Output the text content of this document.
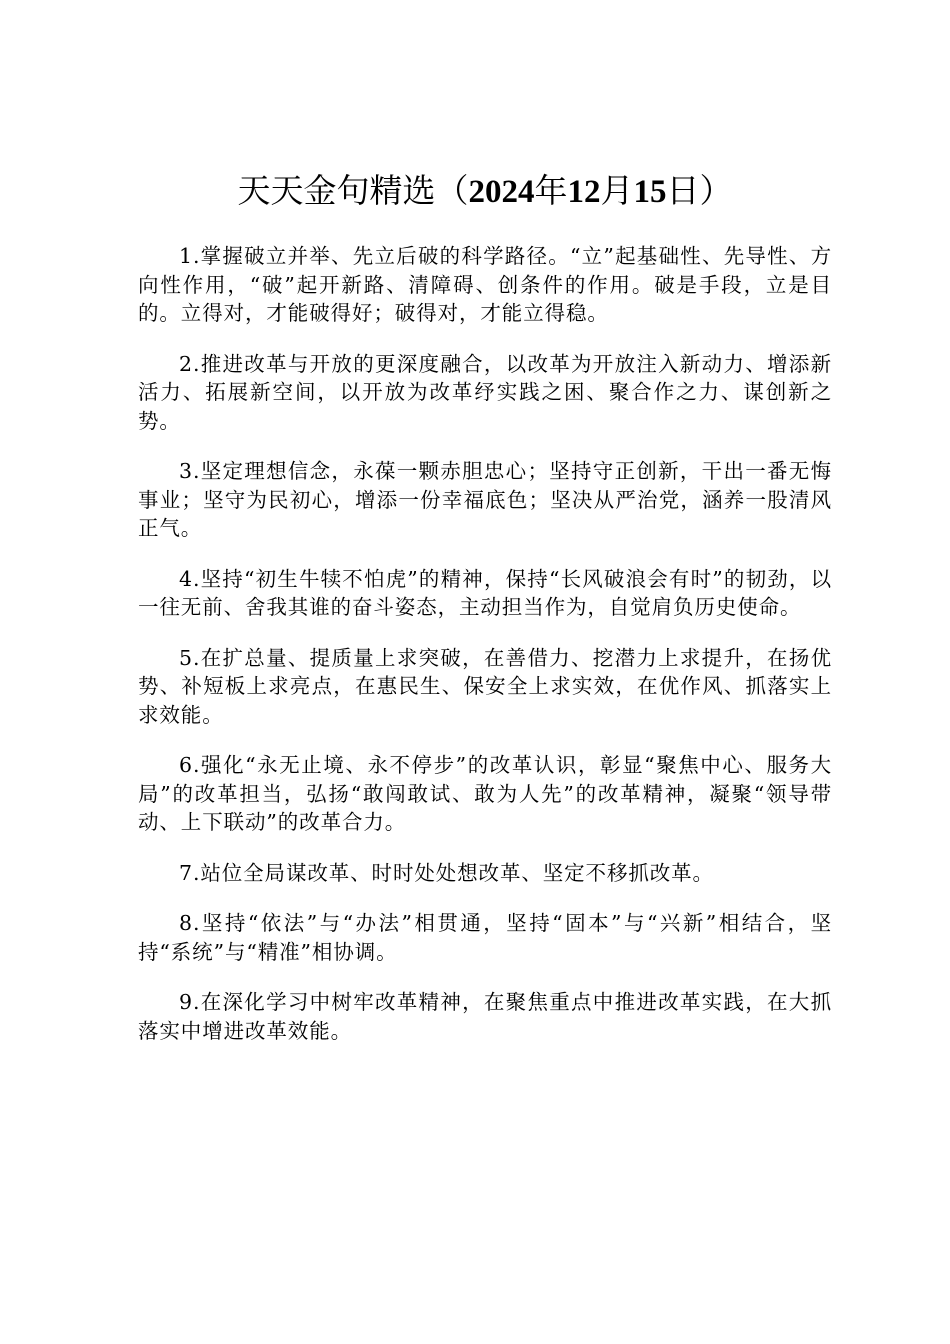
天天金句精选（2024年12月15日）

1.掌握破立并举、先立后破的科学路径。“立”起基础性、先导性、方向性作用，“破”起开新路、清障碍、创条件的作用。破是手段，立是目的。立得对，才能破得好；破得对，才能立得稳。

2.推进改革与开放的更深度融合，以改革为开放注入新动力、增添新活力、拓展新空间，以开放为改革纾实践之困、聚合作之力、谋创新之势。

3.坚定理想信念，永葆一颗赤胆忠心；坚持守正创新，干出一番无悔事业；坚守为民初心，增添一份幸福底色；坚决从严治党，涵养一股清风正气。

4.坚持“初生牛犊不怕虎”的精神，保持“长风破浪会有时”的韧劲，以一往无前、舍我其谁的奋斗姿态，主动担当作为，自觉肩负历史使命。

5.在扩总量、提质量上求突破，在善借力、挖潜力上求提升，在扬优势、补短板上求亮点，在惠民生、保安全上求实效，在优作风、抓落实上求效能。

6.强化“永无止境、永不停步”的改革认识，彰显“聚焦中心、服务大局”的改革担当，弘扬“敢闯敢试、敢为人先”的改革精神，凝聚“领导带动、上下联动”的改革合力。

7.站位全局谋改革、时时处处想改革、坚定不移抓改革。

8.坚持“依法”与“办法”相贯通，坚持“固本”与“兴新”相结合，坚持“系统”与“精准”相协调。

9.在深化学习中树牢改革精神，在聚焦重点中推进改革实践，在大抓落实中增进改革效能。
